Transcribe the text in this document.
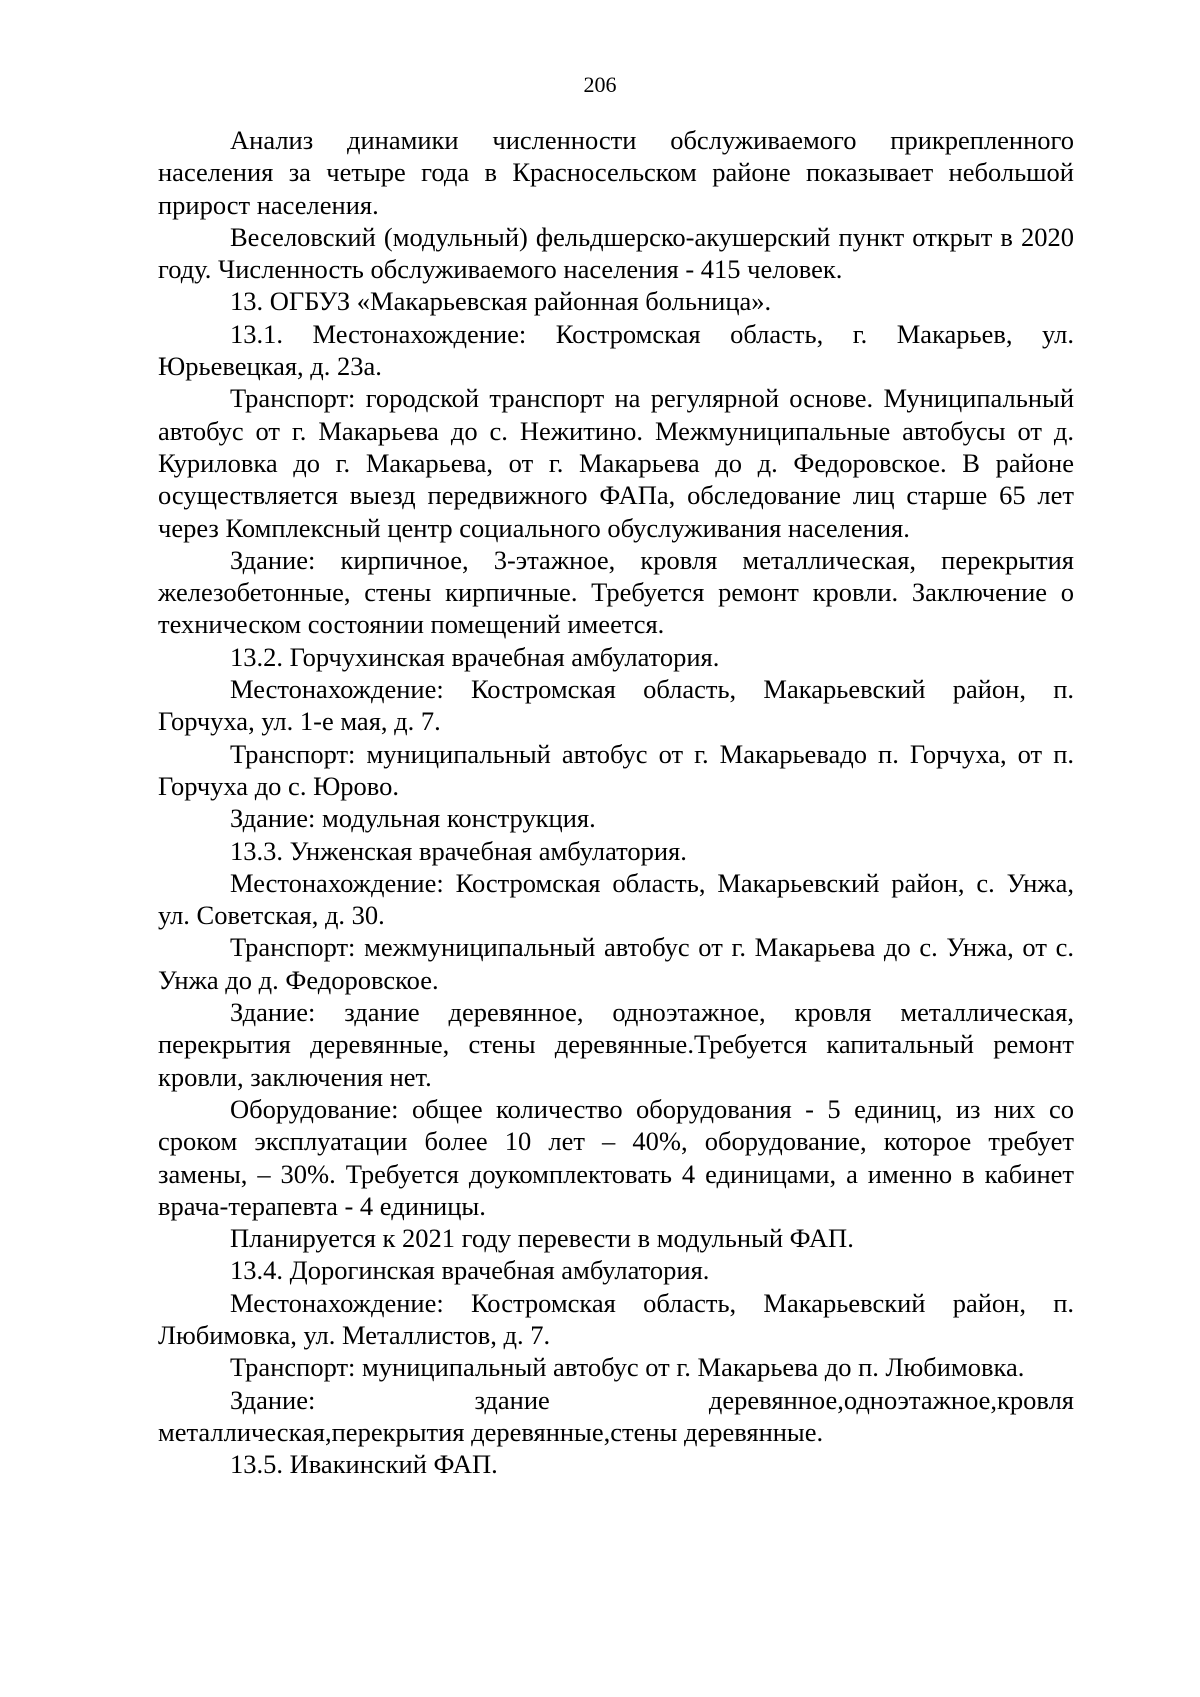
206

Анализ динамики численности обслуживаемого прикрепленного населения за четыре года в Красносельском районе показывает небольшой прирост населения.

Веселовский (модульный) фельдшерско-акушерский пункт открыт в 2020 году. Численность обслуживаемого населения - 415 человек.

13. ОГБУЗ «Макарьевская районная больница».

13.1. Местонахождение: Костромская область, г. Макарьев, ул. Юрьевецкая, д. 23а.

Транспорт: городской транспорт на регулярной основе. Муниципальный автобус от г. Макарьева до с. Нежитино. Межмуниципальные автобусы от д. Куриловка до г. Макарьева, от г. Макарьева до д. Федоровское. В районе осуществляется выезд передвижного ФАПа, обследование лиц старше 65 лет через Комплексный центр социального обуслуживания населения.

Здание: кирпичное, 3-этажное, кровля металлическая, перекрытия железобетонные, стены кирпичные. Требуется ремонт кровли. Заключение о техническом состоянии помещений имеется.

13.2. Горчухинская врачебная амбулатория.

Местонахождение: Костромская область, Макарьевский район, п. Горчуха, ул. 1-е мая, д. 7.

Транспорт: муниципальный автобус от г. Макарьевадо п. Горчуха, от п. Горчуха до с. Юрово.

Здание: модульная конструкция.

13.3. Унженская врачебная амбулатория.

Местонахождение: Костромская область, Макарьевский район, с. Унжа, ул. Советская, д. 30.

Транспорт: межмуниципальный автобус от г. Макарьева до с. Унжа, от с. Унжа до д. Федоровское.

Здание: здание деревянное, одноэтажное, кровля металлическая, перекрытия деревянные, стены деревянные.Требуется капитальный ремонт кровли, заключения нет.

Оборудование: общее количество оборудования - 5 единиц, из них со сроком эксплуатации более 10 лет – 40%, оборудование, которое требует замены, – 30%. Требуется доукомплектовать 4 единицами, а именно в кабинет врача-терапевта - 4 единицы.

Планируется к 2021 году перевести в модульный ФАП.

13.4. Дорогинская врачебная амбулатория.

Местонахождение: Костромская область, Макарьевский район, п. Любимовка, ул. Металлистов, д. 7.

Транспорт: муниципальный автобус от г. Макарьева до п. Любимовка.

Здание: здание деревянное,одноэтажное,кровля металлическая,перекрытия деревянные,стены деревянные.

13.5. Ивакинский ФАП.
